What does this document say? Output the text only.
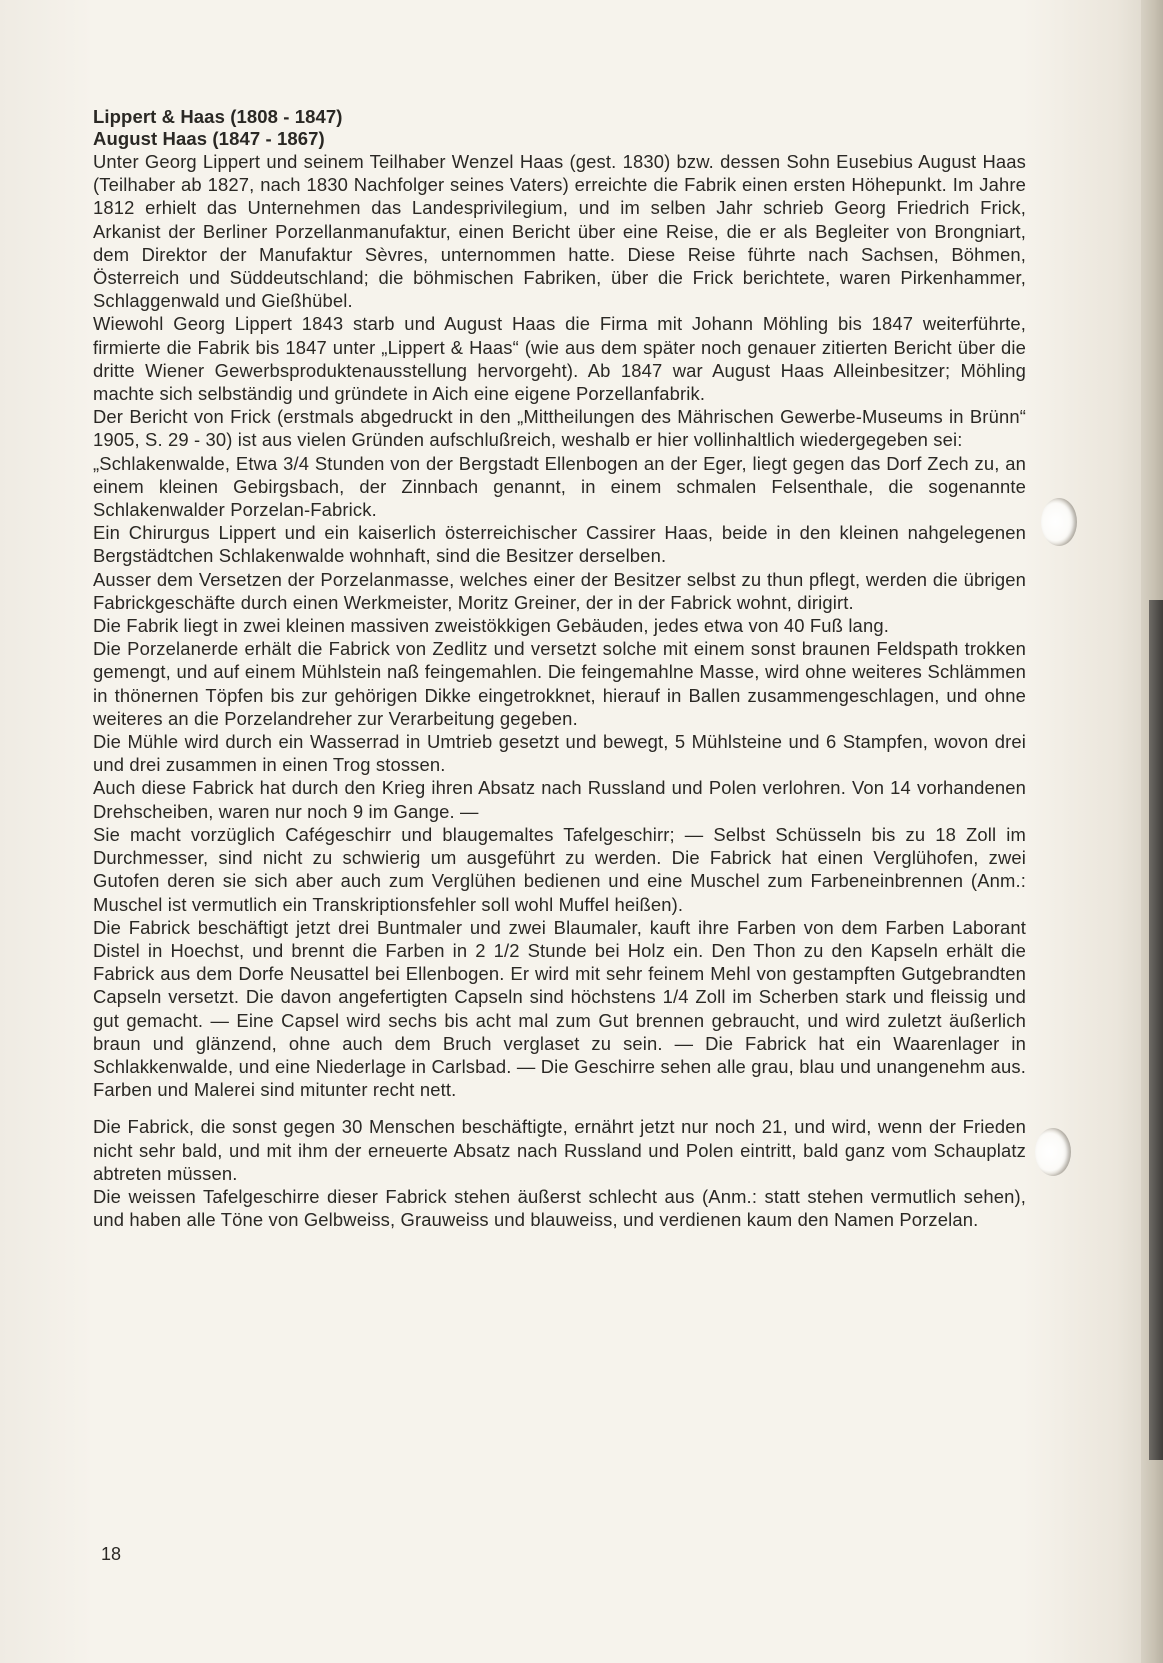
Lippert & Haas (1808 - 1847)
August Haas (1847 - 1867)

Unter Georg Lippert und seinem Teilhaber Wenzel Haas (gest. 1830) bzw. dessen Sohn Eusebius August Haas (Teilhaber ab 1827, nach 1830 Nachfolger seines Vaters) erreichte die Fabrik einen ersten Höhepunkt. Im Jahre 1812 erhielt das Unternehmen das Landesprivilegium, und im selben Jahr schrieb Georg Friedrich Frick, Arkanist der Berliner Porzellanmanufaktur, einen Bericht über eine Reise, die er als Begleiter von Brongniart, dem Direktor der Manufaktur Sèvres, unternommen hatte. Diese Reise führte nach Sachsen, Böhmen, Österreich und Süddeutschland; die böhmischen Fabriken, über die Frick berichtete, waren Pirkenhammer, Schlaggenwald und Gießhübel.

Wiewohl Georg Lippert 1843 starb und August Haas die Firma mit Johann Möhling bis 1847 weiterführte, firmierte die Fabrik bis 1847 unter „Lippert & Haas“ (wie aus dem später noch genauer zitierten Bericht über die dritte Wiener Gewerbsproduktenausstellung hervorgeht). Ab 1847 war August Haas Alleinbesitzer; Möhling machte sich selbständig und gründete in Aich eine eigene Porzellanfabrik.

Der Bericht von Frick (erstmals abgedruckt in den „Mittheilungen des Mährischen Gewerbe-Museums in Brünn“ 1905, S. 29 - 30) ist aus vielen Gründen aufschlußreich, weshalb er hier vollinhaltlich wiedergegeben sei:

„Schlakenwalde, Etwa 3/4 Stunden von der Bergstadt Ellenbogen an der Eger, liegt gegen das Dorf Zech zu, an einem kleinen Gebirgsbach, der Zinnbach genannt, in einem schmalen Felsenthale, die sogenannte Schlakenwalder Porzelan-Fabrick.

Ein Chirurgus Lippert und ein kaiserlich österreichischer Cassirer Haas, beide in den kleinen nahgelegenen Bergstädtchen Schlakenwalde wohnhaft, sind die Besitzer derselben.

Ausser dem Versetzen der Porzelanmasse, welches einer der Besitzer selbst zu thun pflegt, werden die übrigen Fabrickgeschäfte durch einen Werkmeister, Moritz Greiner, der in der Fabrick wohnt, dirigirt.

Die Fabrik liegt in zwei kleinen massiven zweistökkigen Gebäuden, jedes etwa von 40 Fuß lang.

Die Porzelanerde erhält die Fabrick von Zedlitz und versetzt solche mit einem sonst braunen Feldspath trokken gemengt, und auf einem Mühlstein naß feingemahlen. Die feingemahlne Masse, wird ohne weiteres Schlämmen in thönernen Töpfen bis zur gehörigen Dikke eingetrokknet, hierauf in Ballen zusammengeschlagen, und ohne weiteres an die Porzelandreher zur Verarbeitung gegeben.

Die Mühle wird durch ein Wasserrad in Umtrieb gesetzt und bewegt, 5 Mühlsteine und 6 Stampfen, wovon drei und drei zusammen in einen Trog stossen.

Auch diese Fabrick hat durch den Krieg ihren Absatz nach Russland und Polen verlohren. Von 14 vorhandenen Drehscheiben, waren nur noch 9 im Gange. —

Sie macht vorzüglich Cafégeschirr und blaugemaltes Tafelgeschirr; — Selbst Schüsseln bis zu 18 Zoll im Durchmesser, sind nicht zu schwierig um ausgeführt zu werden. Die Fabrick hat einen Verglühofen, zwei Gutofen deren sie sich aber auch zum Verglühen bedienen und eine Muschel zum Farbeneinbrennen (Anm.: Muschel ist vermutlich ein Transkriptionsfehler soll wohl Muffel heißen).

Die Fabrick beschäftigt jetzt drei Buntmaler und zwei Blaumaler, kauft ihre Farben von dem Farben Laborant Distel in Hoechst, und brennt die Farben in 2 1/2 Stunde bei Holz ein. Den Thon zu den Kapseln erhält die Fabrick aus dem Dorfe Neusattel bei Ellenbogen. Er wird mit sehr feinem Mehl von gestampften Gutgebrandten Capseln versetzt. Die davon angefertigten Capseln sind höchstens 1/4 Zoll im Scherben stark und fleissig und gut gemacht. — Eine Capsel wird sechs bis acht mal zum Gut brennen gebraucht, und wird zuletzt äußerlich braun und glänzend, ohne auch dem Bruch verglaset zu sein. — Die Fabrick hat ein Waarenlager in Schlakkenwalde, und eine Niederlage in Carlsbad. — Die Geschirre sehen alle grau, blau und unangenehm aus. Farben und Malerei sind mitunter recht nett.

Die Fabrick, die sonst gegen 30 Menschen beschäftigte, ernährt jetzt nur noch 21, und wird, wenn der Frieden nicht sehr bald, und mit ihm der erneuerte Absatz nach Russland und Polen eintritt, bald ganz vom Schauplatz abtreten müssen.

Die weissen Tafelgeschirre dieser Fabrick stehen äußerst schlecht aus (Anm.: statt stehen vermutlich sehen), und haben alle Töne von Gelbweiss, Grauweiss und blauweiss, und verdienen kaum den Namen Porzelan.

18
